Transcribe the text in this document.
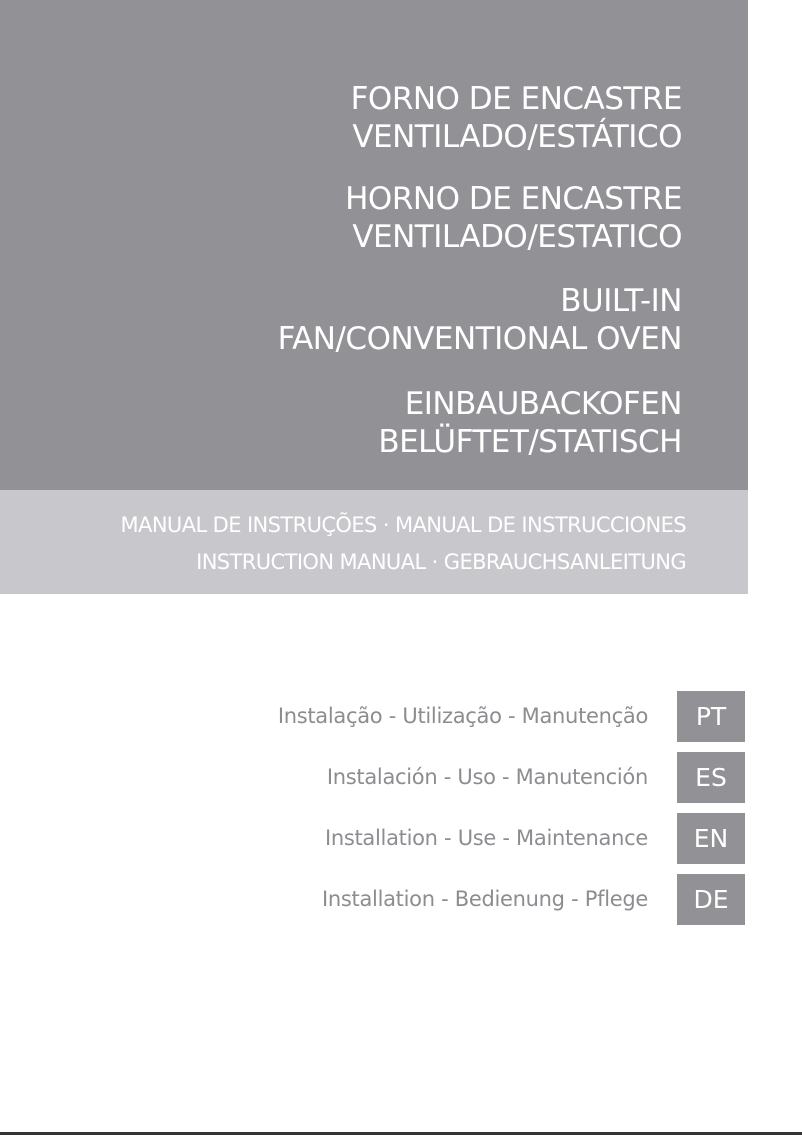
FORNO DE ENCASTRE
VENTILADO/ESTÁTICO
HORNO DE ENCASTRE
VENTILADO/ESTATICO
BUILT-IN
FAN/CONVENTIONAL OVEN
EINBAUBACKOFEN
BELÜFTET/STATISCH
MANUAL DE INSTRUÇÕES · MANUAL DE INSTRUCCIONES
INSTRUCTION MANUAL · GEBRAUCHSANLEITUNG
Instalação - Utilização - Manutenção	PT
Instalación - Uso - Manutención	ES
Installation - Use - Maintenance	EN
Installation - Bedienung - Pflege	DE
